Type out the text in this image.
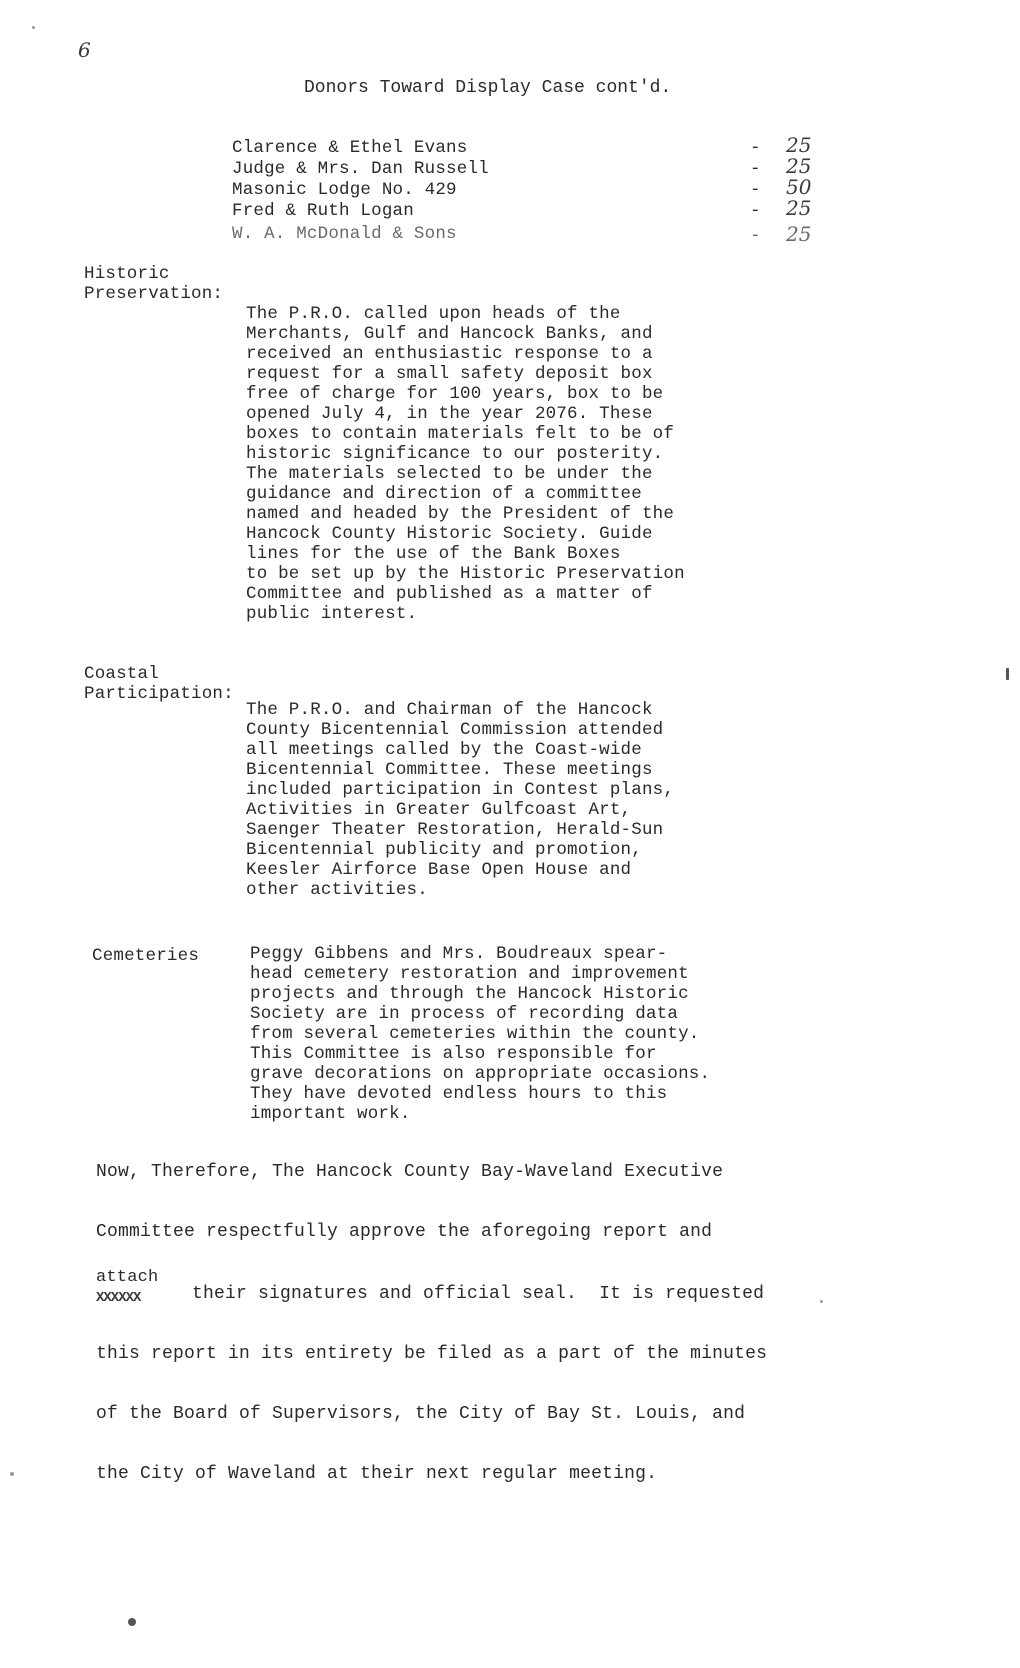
6
Donors Toward Display Case cont'd.
Clarence & Ethel Evans	- 25
Judge & Mrs. Dan Russell	- 25
Masonic Lodge No. 429	- 50
Fred & Ruth Logan	- 25
W. A. McDonald & Sons	- 25
Historic
Preservation:
The P.R.O. called upon heads of the
Merchants, Gulf and Hancock Banks, and
received an enthusiastic response to a
request for a small safety deposit box
free of charge for 100 years, box to be
opened July 4, in the year 2076. These
boxes to contain materials felt to be of
historic significance to our posterity.
The materials selected to be under the
guidance and direction of a committee
named and headed by the President of the
Hancock County Historic Society. Guide
lines for the use of the Bank Boxes
to be set up by the Historic Preservation
Committee and published as a matter of
public interest.
Coastal
Participation:
The P.R.O. and Chairman of the Hancock
County Bicentennial Commission attended
all meetings called by the Coast-wide
Bicentennial Committee. These meetings
included participation in Contest plans,
Activities in Greater Gulfcoast Art,
Saenger Theater Restoration, Herald-Sun
Bicentennial publicity and promotion,
Keesler Airforce Base Open House and
other activities.
Cemeteries	Peggy Gibbens and Mrs. Boudreaux spear-
head cemetery restoration and improvement
projects and through the Hancock Historic
Society are in process of recording data
from several cemeteries within the county.
This Committee is also responsible for
grave decorations on appropriate occasions.
They have devoted endless hours to this
important work.
Now, Therefore, The Hancock County Bay-Waveland Executive
Committee respectfully approve the aforegoing report and
attach
XXXXXX	their signatures and official seal.  It is requested
this report in its entirety be filed as a part of the minutes
of the Board of Supervisors, the City of Bay St. Louis, and
the City of Waveland at their next regular meeting.
